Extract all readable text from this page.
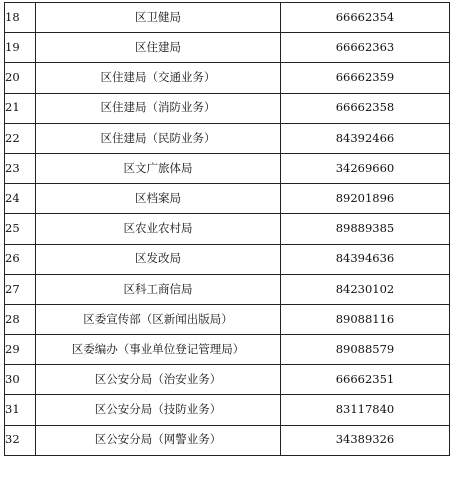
18	区卫健局	66662354
19	区住建局	66662363
20	区住建局（交通业务）	66662359
21	区住建局（消防业务）	66662358
22	区住建局（民防业务）	84392466
23	区文广旅体局	34269660
24	区档案局	89201896
25	区农业农村局	89889385
26	区发改局	84394636
27	区科工商信局	84230102
28	区委宣传部（区新闻出版局）	89088116
29	区委编办（事业单位登记管理局）	89088579
30	区公安分局（治安业务）	66662351
31	区公安分局（技防业务）	83117840
32	区公安分局（网警业务）	34389326
